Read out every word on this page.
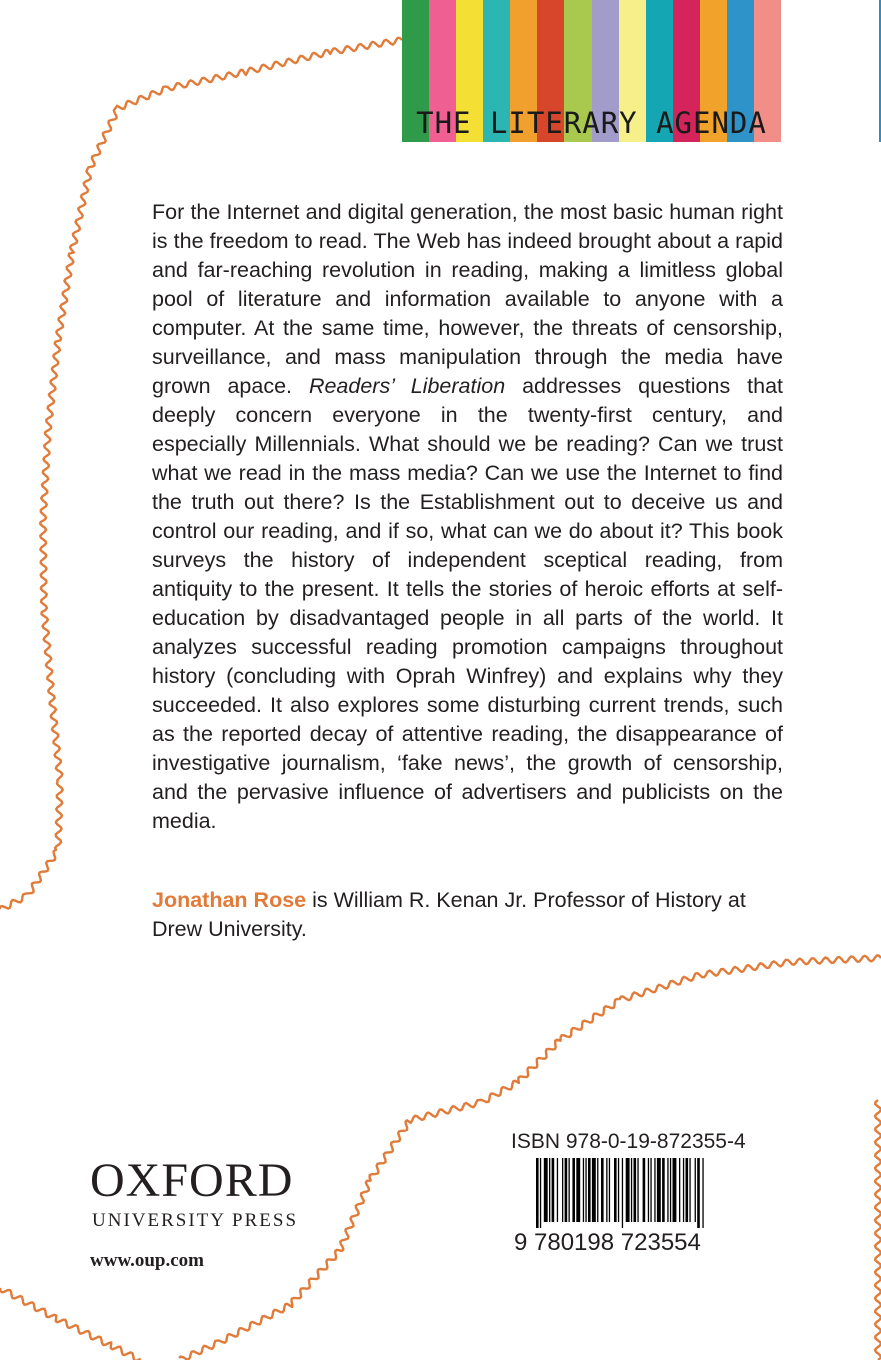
THE LITERARY AGENDA

For the Internet and digital generation, the most basic human right is the freedom to read. The Web has indeed brought about a rapid and far-reaching revolution in reading, making a limitless global pool of literature and information available to anyone with a computer. At the same time, however, the threats of censorship, surveillance, and mass manipulation through the media have grown apace. Readers’ Liberation addresses questions that deeply concern everyone in the twenty-first century, and especially Millennials. What should we be reading? Can we trust what we read in the mass media? Can we use the Internet to find the truth out there? Is the Establishment out to deceive us and control our reading, and if so, what can we do about it? This book surveys the history of independent sceptical reading, from antiquity to the present. It tells the stories of heroic efforts at self-education by disadvantaged people in all parts of the world. It analyzes successful reading promotion campaigns throughout history (concluding with Oprah Winfrey) and explains why they succeeded. It also explores some disturbing current trends, such as the reported decay of attentive reading, the disappearance of investigative journalism, ‘fake news’, the growth of censorship, and the pervasive influence of advertisers and publicists on the media.

Jonathan Rose is William R. Kenan Jr. Professor of History at Drew University.

OXFORD
UNIVERSITY PRESS
www.oup.com
ISBN 978-0-19-872355-4
9 780198 723554
